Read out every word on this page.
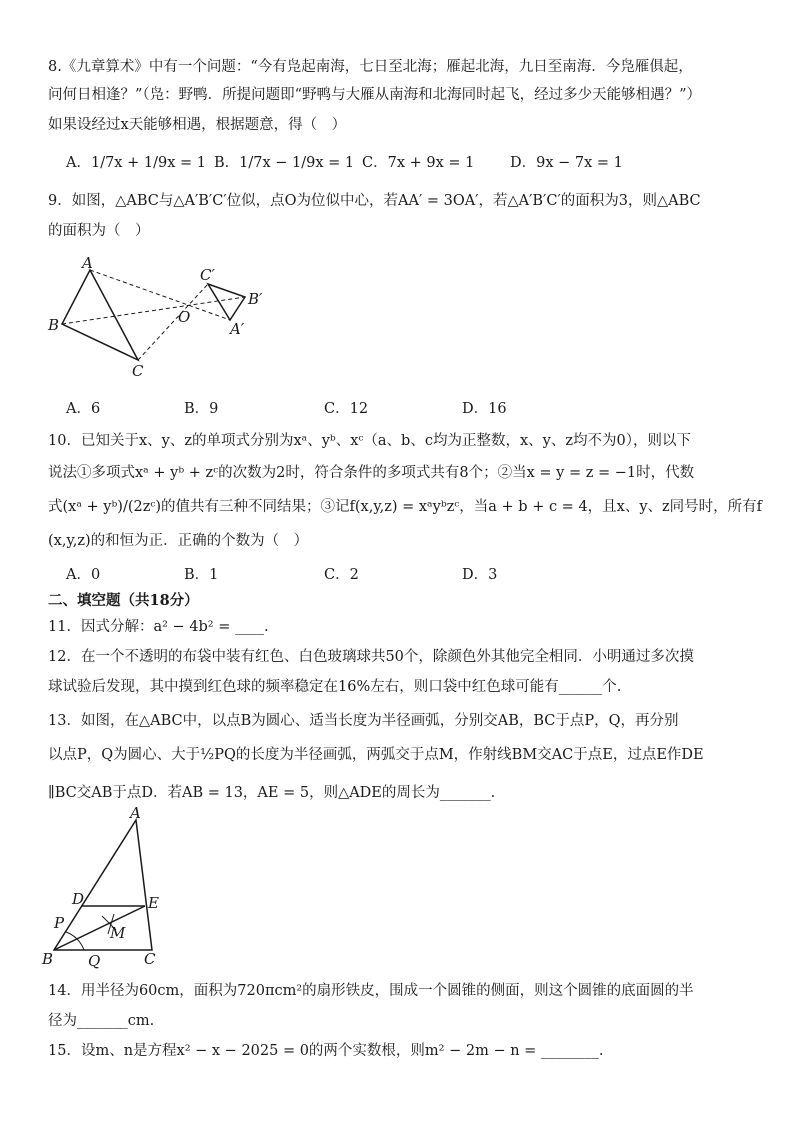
8.《九章算术》中有一个问题：“今有凫起南海，七日至北海；雁起北海，九日至南海．今凫雁俱起，
问何日相逢？”（凫：野鸭．所提问题即“野鸭与大雁从南海和北海同时起飞，经过多少天能够相遇？”）
如果设经过x天能够相遇，根据题意，得（　）
A．1/7x + 1/9x = 1 B．1/7x − 1/9x = 1 C．7x + 9x = 1 D．9x − 7x = 1
9．如图，△ABC与△A′B′C′位似，点O为位似中心，若AA′ = 3OA′，若△A′B′C′的面积为3，则△ABC
的面积为（　）
A
B
C
O
A′
B′
C′
A．6	B．9	C．12	D．16
10．已知关于x、y、z的单项式分别为xᵃ、yᵇ、xᶜ（a、b、c均为正整数，x、y、z均不为0），则以下
说法①多项式xᵃ + yᵇ + zᶜ的次数为2时，符合条件的多项式共有8个；②当x = y = z = −1时，代数
式(xᵃ + yᵇ)/(2zᶜ)的值共有三种不同结果；③记f(x,y,z) = xᵃyᵇzᶜ，当a + b + c = 4，且x、y、z同号时，所有f
(x,y,z)的和恒为正．正确的个数为（　）
A．0	B．1	C．2	D．3
二、填空题（共18分）
11．因式分解：a² − 4b² = ____.
12．在一个不透明的布袋中装有红色、白色玻璃球共50个，除颜色外其他完全相同．小明通过多次摸
球试验后发现，其中摸到红色球的频率稳定在16%左右，则口袋中红色球可能有______个.
13．如图，在△ABC中，以点B为圆心、适当长度为半径画弧，分别交AB，BC于点P，Q，再分别
以点P，Q为圆心、大于½PQ的长度为半径画弧，两弧交于点M，作射线BM交AC于点E，过点E作DE
∥BC交AB于点D．若AB = 13，AE = 5，则△ADE的周长为_______.
A
B	C
D	E
P
Q
M
14．用半径为60cm，面积为720πcm²的扇形铁皮，围成一个圆锥的侧面，则这个圆锥的底面圆的半
径为_______cm.
15．设m、n是方程x² − x − 2025 = 0的两个实数根，则m² − 2m − n = ________.
